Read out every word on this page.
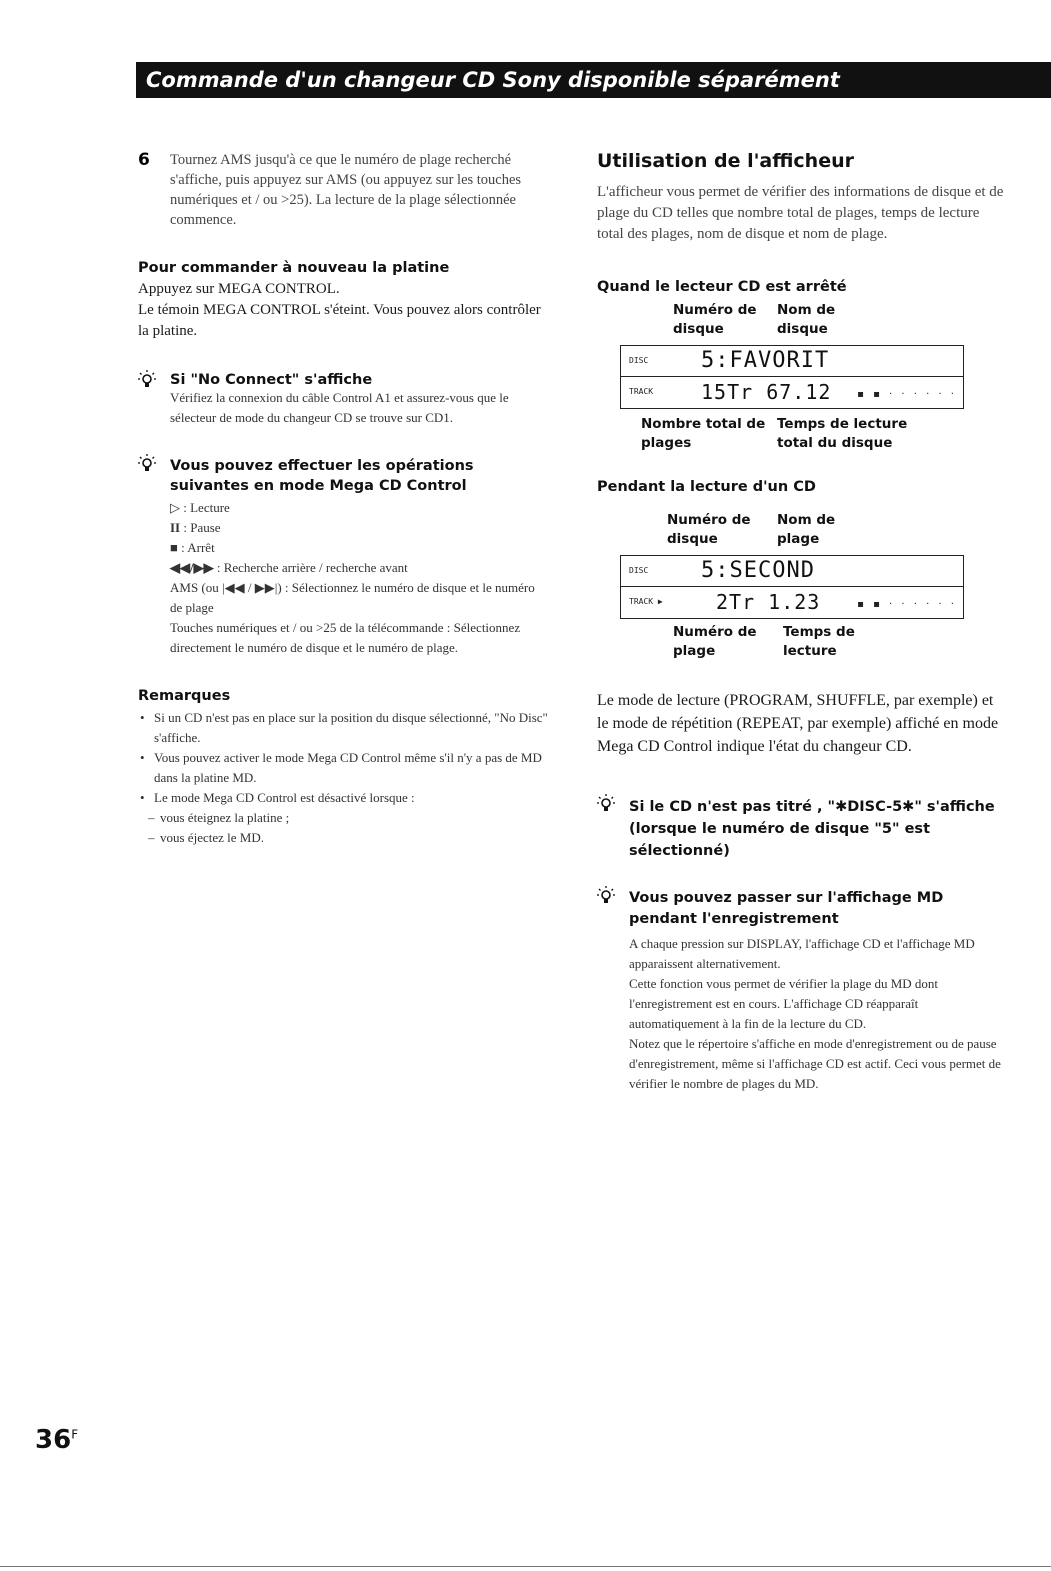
Commande d'un changeur CD Sony disponible séparément
6 Tournez AMS jusqu'à ce que le numéro de plage recherché s'affiche, puis appuyez sur AMS (ou appuyez sur les touches numériques et / ou >25). La lecture de la plage sélectionnée commence.

Pour commander à nouveau la platine

Appuyez sur MEGA CONTROL.

Le témoin MEGA CONTROL s'éteint. Vous pouvez alors contrôler la platine.

Si "No Connect" s'affiche

Vérifiez la connexion du câble Control A1 et assurez-vous que le sélecteur de mode du changeur CD se trouve sur CD1.

Vous pouvez effectuer les opérations suivantes en mode Mega CD Control
▷ : Lecture
II : Pause
■ : Arrêt
◀◀/▶▶ : Recherche arrière / recherche avant

AMS (ou |◀◀ / ▶▶|) : Sélectionnez le numéro de disque et le numéro de plage

Touches numériques et / ou >25 de la télécommande : Sélectionnez directement le numéro de disque et le numéro de plage.

Remarques
• Si un CD n'est pas en place sur la position du disque sélectionné, "No Disc" s'affiche.
• Vous pouvez activer le mode Mega CD Control même s'il n'y a pas de MD dans la platine MD.
• Le mode Mega CD Control est désactivé lorsque :
– vous éteignez la platine ;
– vous éjectez le MD.
Utilisation de l'afficheur

L'afficheur vous permet de vérifier des informations de disque et de plage du CD telles que nombre total de plages, temps de lecture total des plages, nom de disque et nom de plage.

Quand le lecteur CD est arrêté
Numéro de disque
Nom de disque
DISC 5:FAVORIT
TRACK 15Tr 67.12	▪ ▪ · · · · · ·
Nombre total de plages
Temps de lecture total du disque
Pendant la lecture d'un CD
Numéro de disque
Nom de plage
DISC 5:SECOND
TRACK ▶	2Tr 1.23	▪ ▪ · · · · · ·
Numéro de plage
Temps de lecture

Le mode de lecture (PROGRAM, SHUFFLE, par exemple) et le mode de répétition (REPEAT, par exemple) affiché en mode Mega CD Control indique l'état du changeur CD.

Si le CD n'est pas titré , "✱DISC-5✱" s'affiche (lorsque le numéro de disque "5" est sélectionné)
Vous pouvez passer sur l'affichage MD pendant l'enregistrement

A chaque pression sur DISPLAY, l'affichage CD et l'affichage MD apparaissent alternativement.

Cette fonction vous permet de vérifier la plage du MD dont l'enregistrement est en cours. L'affichage CD réapparaît automatiquement à la fin de la lecture du CD.

Notez que le répertoire s'affiche en mode d'enregistrement ou de pause d'enregistrement, même si l'affichage CD est actif. Ceci vous permet de vérifier le nombre de plages du MD.

$36^F$
